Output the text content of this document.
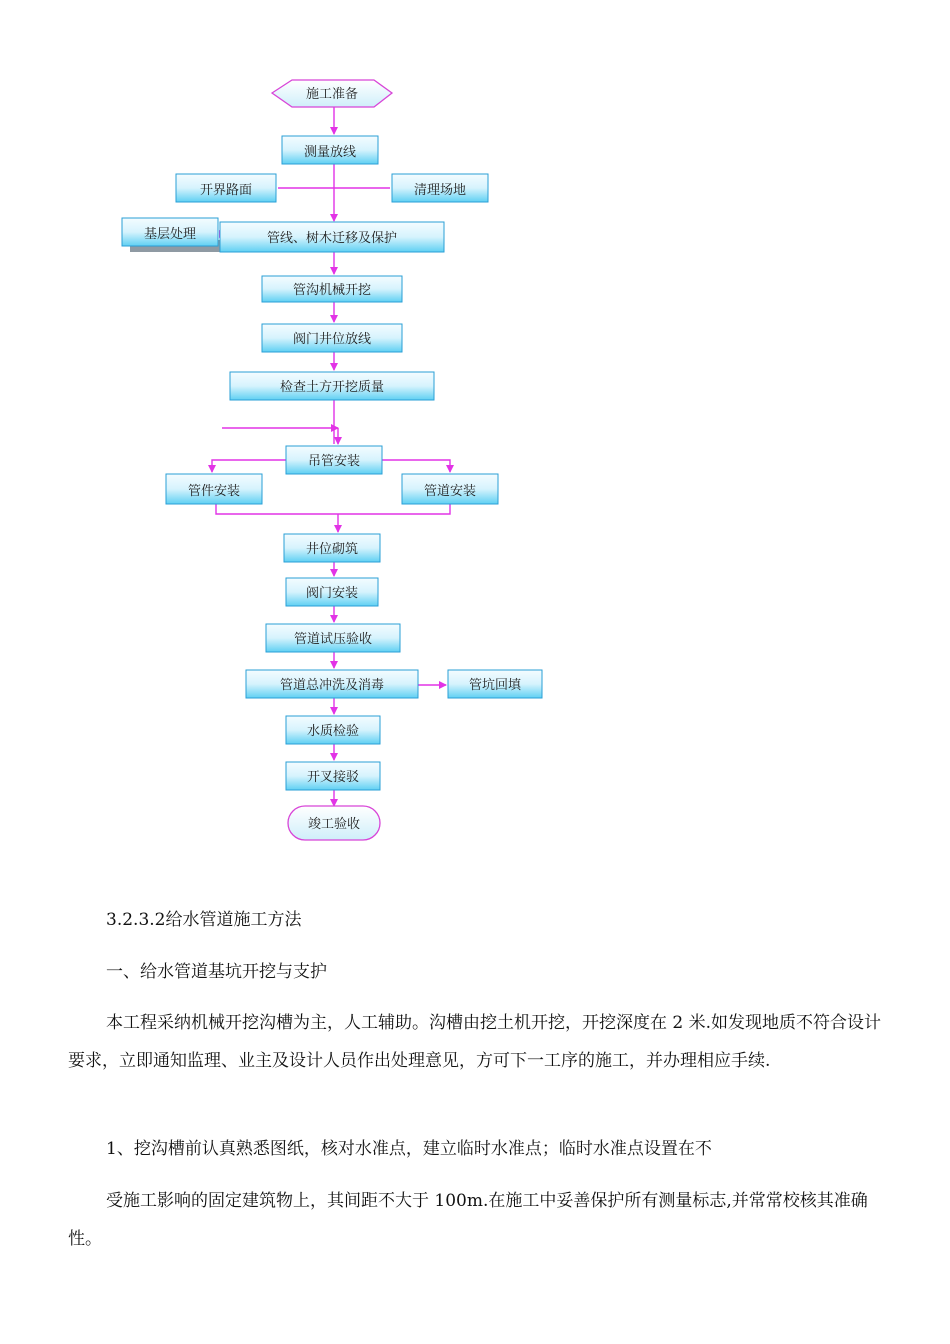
施工准备
测量放线
开界路面	清理场地
基层处理	管线、树木迁移及保护
管沟机械开挖
阀门井位放线
检查土方开挖质量
吊管安装
管件安装	管道安装
井位砌筑
阀门安装
管道试压验收
管道总冲洗及消毒	管坑回填
水质检验
开叉接驳
竣工验收

3.2.3.2给水管道施工方法

一、给水管道基坑开挖与支护

本工程采纳机械开挖沟槽为主，人工辅助。沟槽由挖土机开挖，开挖深度在 2 米.如发现地质不符合设计要求，立即通知监理、业主及设计人员作出处理意见，方可下一工序的施工，并办理相应手续.

1、挖沟槽前认真熟悉图纸，核对水准点，建立临时水准点；临时水准点设置在不

受施工影响的固定建筑物上，其间距不大于 100m.在施工中妥善保护所有测量标志,并常常校核其准确性。
